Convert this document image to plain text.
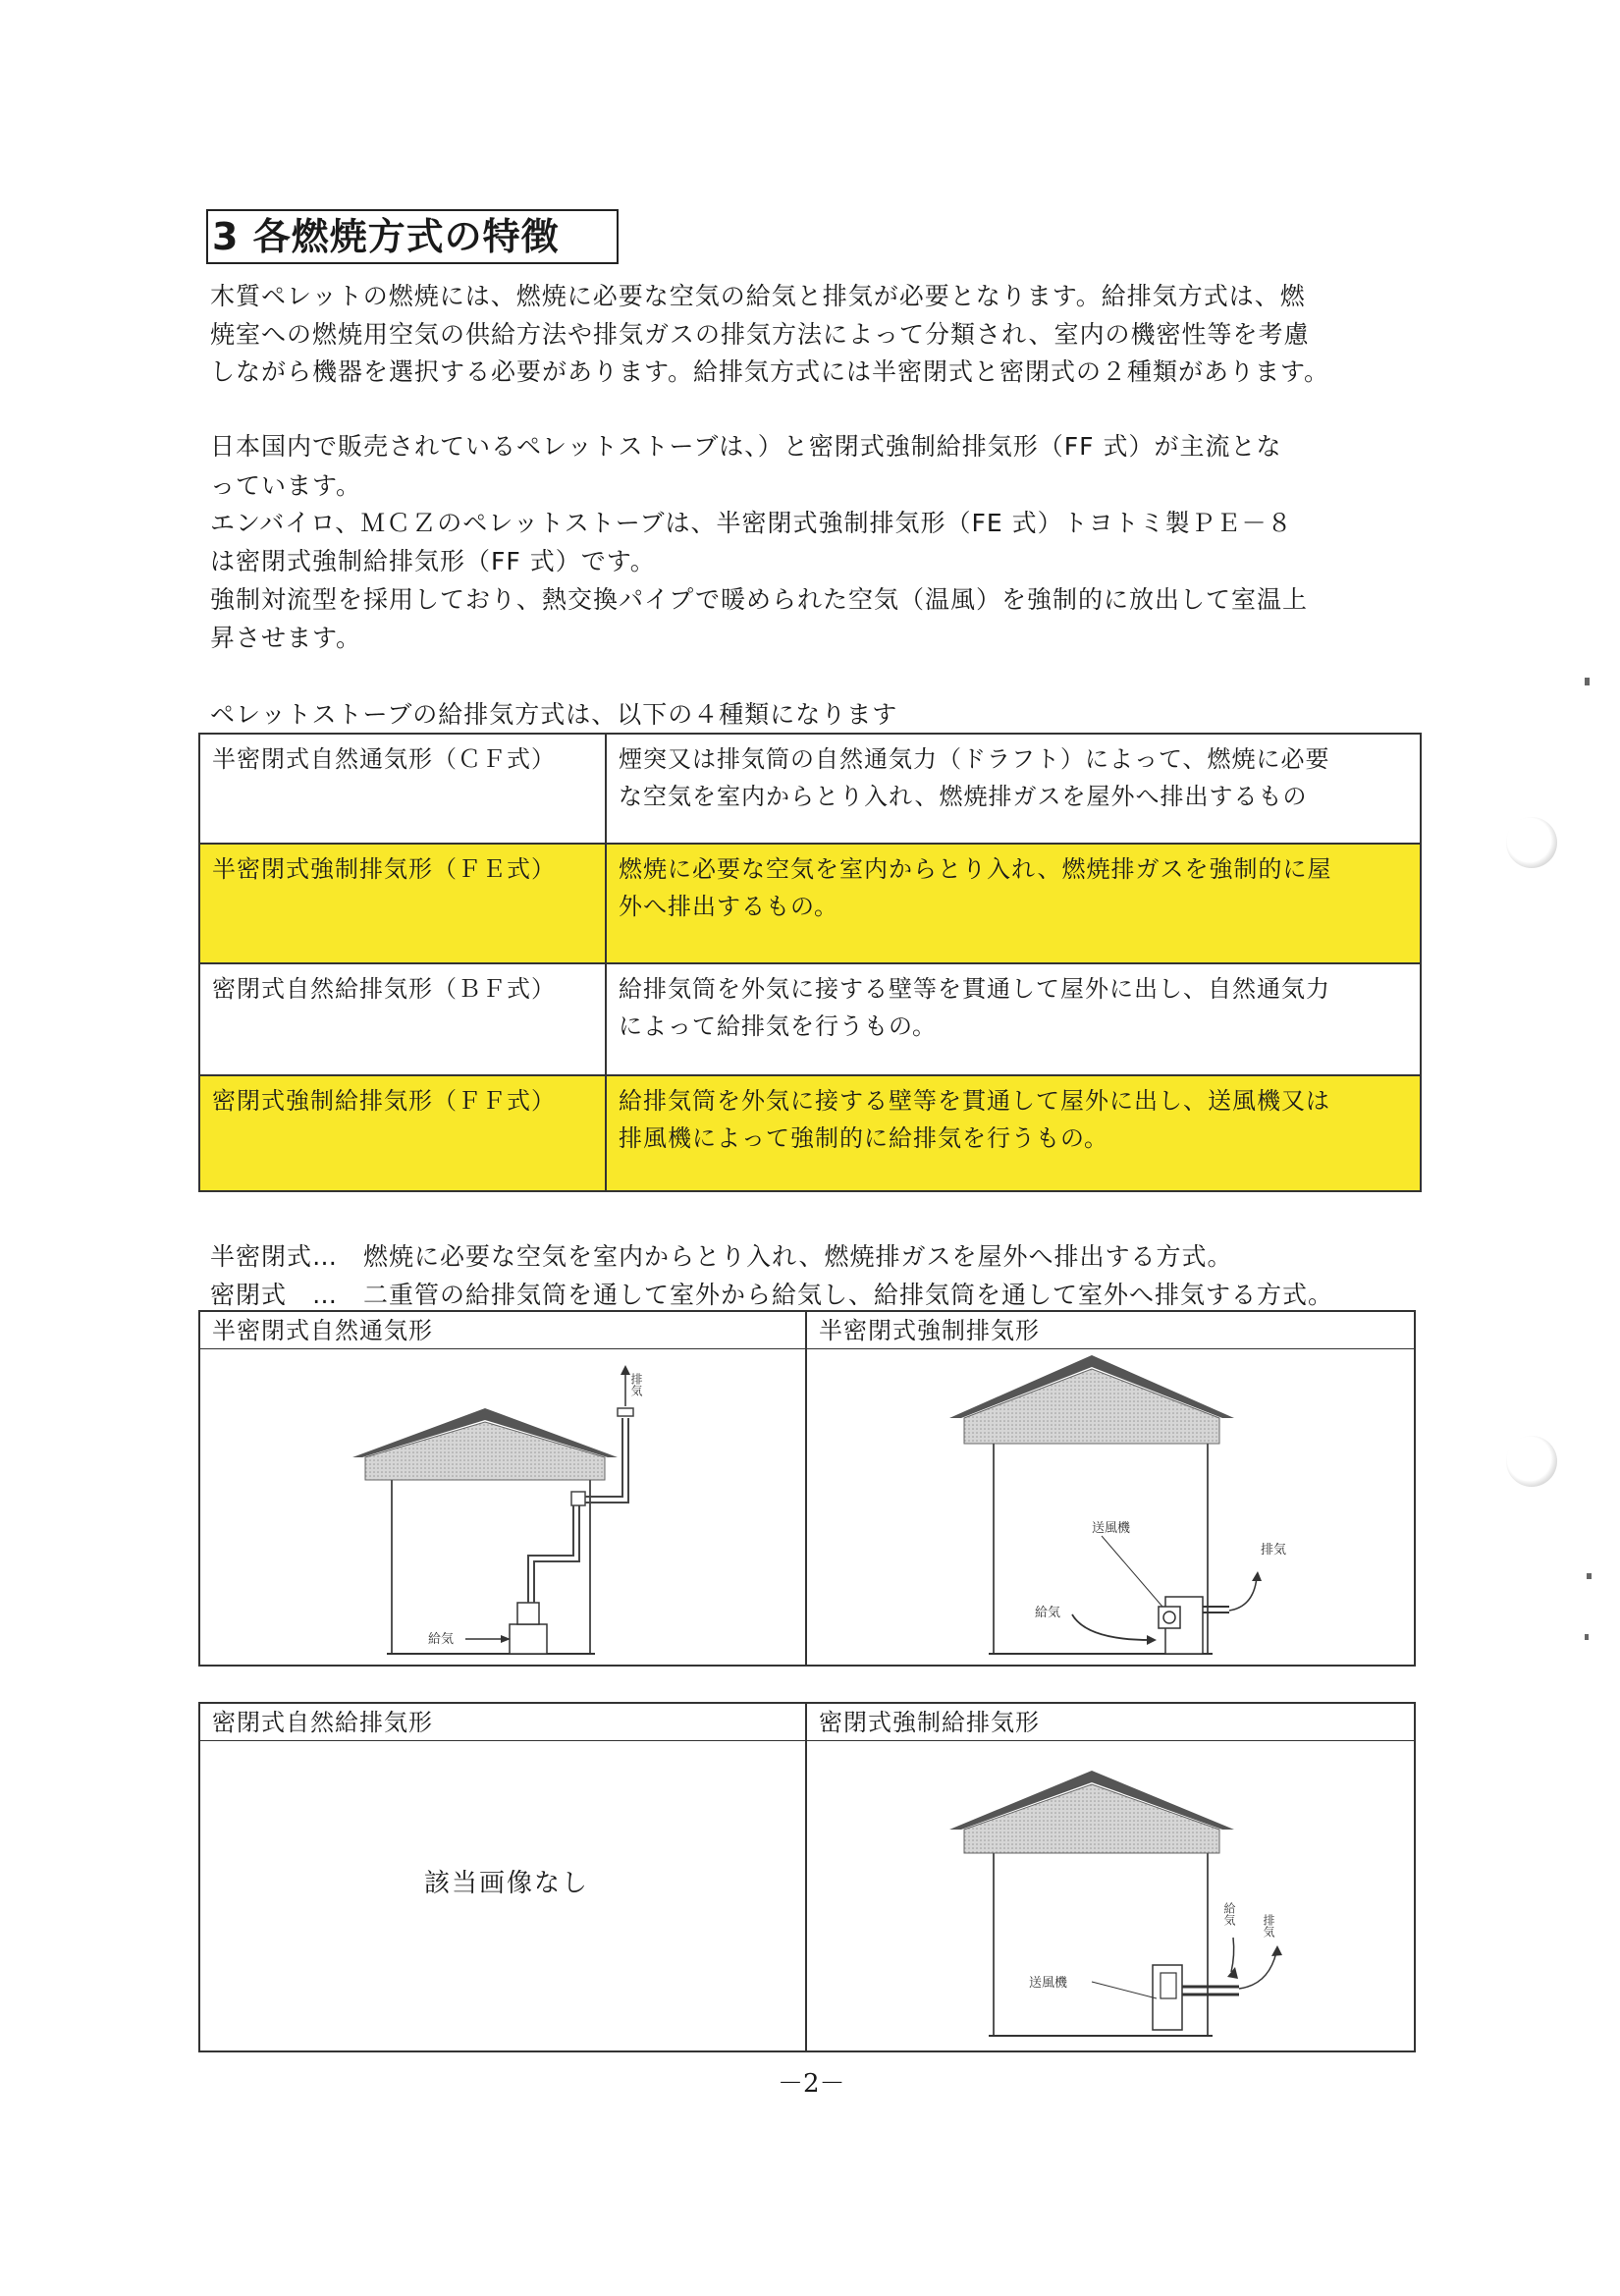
3 各燃焼方式の特徴
木質ペレットの燃焼には、燃焼に必要な空気の給気と排気が必要となります。給排気方式は、燃
焼室への燃焼用空気の供給方法や排気ガスの排気方法によって分類され、室内の機密性等を考慮
しながら機器を選択する必要があります。給排気方式には半密閉式と密閉式の２種類があります。
日本国内で販売されているペレットストーブは、）と密閉式強制給排気形（FF 式）が主流とな
っています。
エンバイロ、ＭＣＺのペレットストーブは、半密閉式強制排気形（FE 式）トヨトミ製ＰＥ－８
は密閉式強制給排気形（FF 式）です。
強制対流型を採用しており、熱交換パイプで暖められた空気（温風）を強制的に放出して室温上
昇させます。
ペレットストーブの給排気方式は、以下の４種類になります
半密閉式自然通気形（ＣＦ式）	煙突又は排気筒の自然通気力（ドラフト）によって、燃焼に必要
な空気を室内からとり入れ、燃焼排ガスを屋外へ排出するもの

半密閉式強制排気形（ＦＥ式）	燃焼に必要な空気を室内からとり入れ、燃焼排ガスを強制的に屋
外へ排出するもの。

密閉式自然給排気形（ＢＦ式）	給排気筒を外気に接する壁等を貫通して屋外に出し、自然通気力
によって給排気を行うもの。

密閉式強制給排気形（ＦＦ式）	給排気筒を外気に接する壁等を貫通して屋外に出し、送風機又は
排風機によって強制的に給排気を行うもの。
半密閉式…　燃焼に必要な空気を室内からとり入れ、燃焼排ガスを屋外へ排出する方式。
密閉式　…　二重管の給排気筒を通して室外から給気し、給排気筒を通して室外へ排気する方式。
半密閉式自然通気形
排気
給気
半密閉式強制排気形
排気
給気
送風機
密閉式自然給排気形
該当画像なし
密閉式強制給排気形
給気 排気
送風機
－2－
